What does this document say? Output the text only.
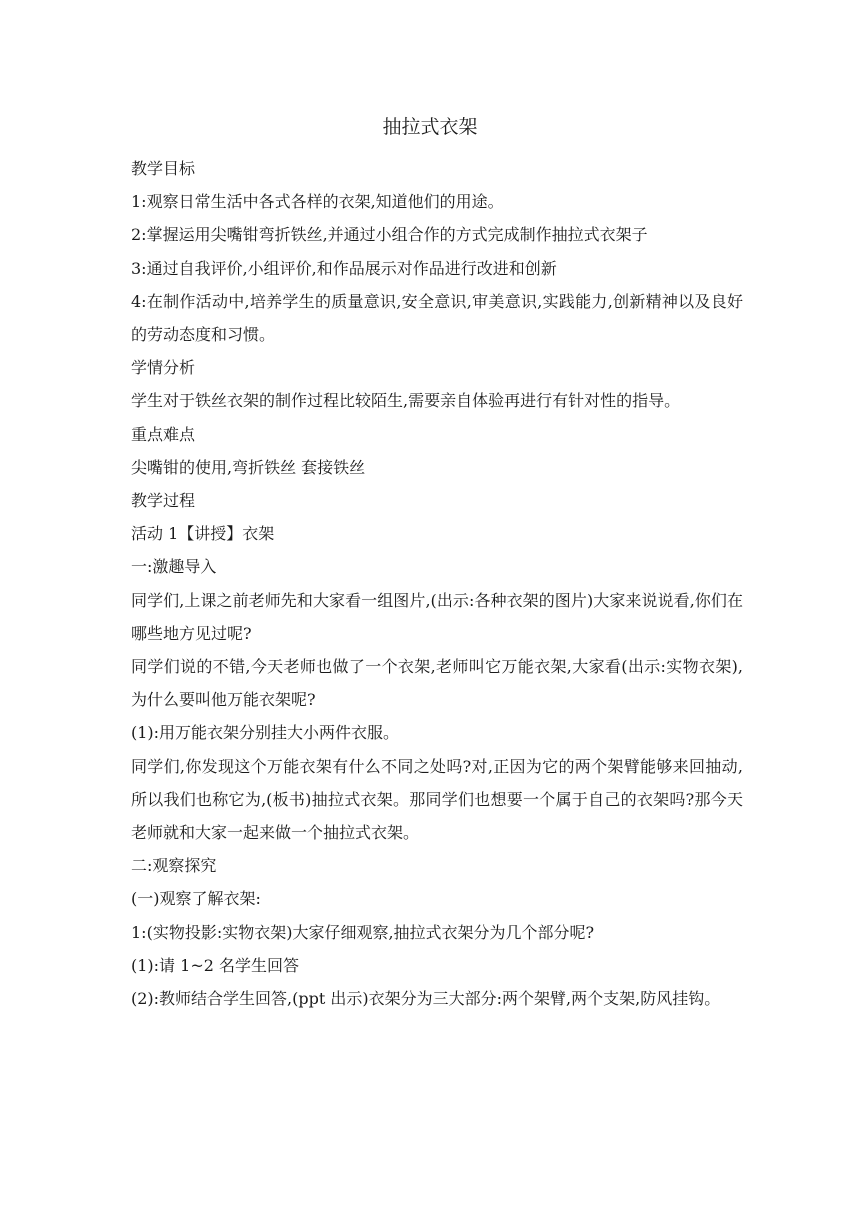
抽拉式衣架

教学目标

1:观察日常生活中各式各样的衣架,知道他们的用途。

2:掌握运用尖嘴钳弯折铁丝,并通过小组合作的方式完成制作抽拉式衣架子

3:通过自我评价,小组评价,和作品展示对作品进行改进和创新

4:在制作活动中,培养学生的质量意识,安全意识,审美意识,实践能力,创新精神以及良好的劳动态度和习惯。

学情分析

学生对于铁丝衣架的制作过程比较陌生,需要亲自体验再进行有针对性的指导。

重点难点

尖嘴钳的使用,弯折铁丝 套接铁丝

教学过程

活动 1【讲授】衣架

一:激趣导入

同学们,上课之前老师先和大家看一组图片,(出示:各种衣架的图片)大家来说说看,你们在哪些地方见过呢?

同学们说的不错,今天老师也做了一个衣架,老师叫它万能衣架,大家看(出示:实物衣架),为什么要叫他万能衣架呢?

(1):用万能衣架分别挂大小两件衣服。

同学们,你发现这个万能衣架有什么不同之处吗?对,正因为它的两个架臂能够来回抽动,所以我们也称它为,(板书)抽拉式衣架。那同学们也想要一个属于自己的衣架吗?那今天老师就和大家一起来做一个抽拉式衣架。

二:观察探究

(一)观察了解衣架:

1:(实物投影:实物衣架)大家仔细观察,抽拉式衣架分为几个部分呢?

(1):请 1~2 名学生回答

(2):教师结合学生回答,(ppt 出示)衣架分为三大部分:两个架臂,两个支架,防风挂钩。
